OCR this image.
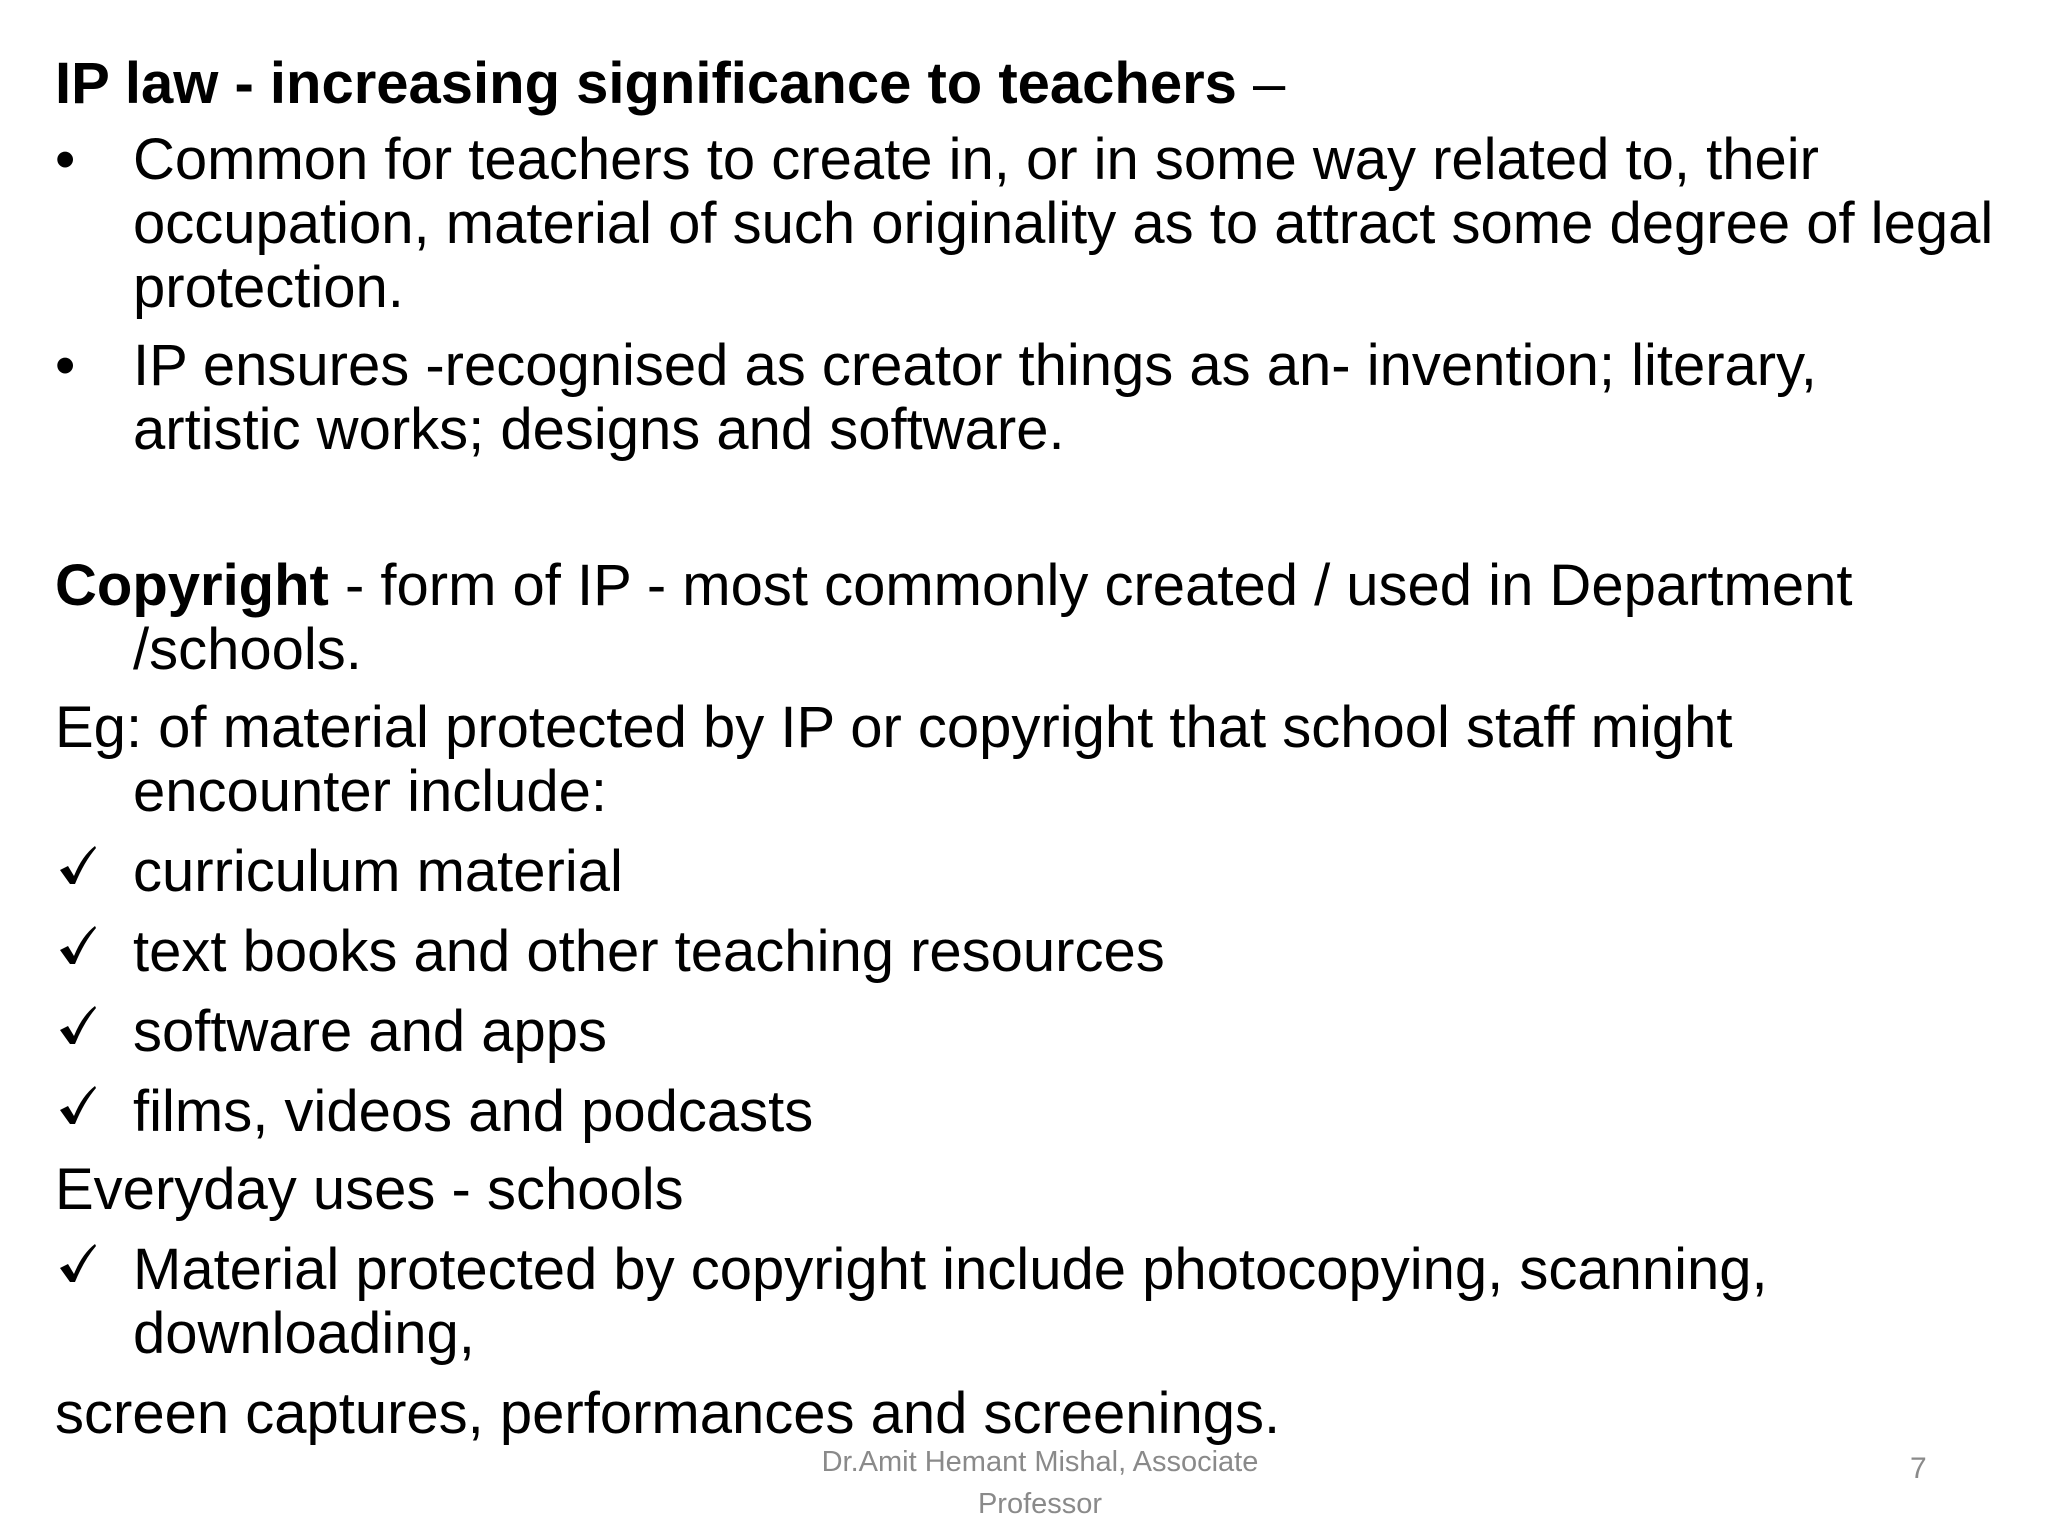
IP law - increasing significance to teachers –

• Common for teachers to create in, or in some way related to, their occupation, material of such originality as to attract some degree of legal protection.
• IP ensures -recognised as creator things as an- invention; literary, artistic works; designs and software.

Copyright - form of IP - most commonly created / used in Department /schools.

Eg: of material protected by IP or copyright that school staff might encounter include:

curriculum material
text books and other teaching resources
software and apps
films, videos and podcasts

Everyday uses - schools

Material protected by copyright include photocopying, scanning, downloading,

screen captures, performances and screenings.

Dr.Amit Hemant Mishal, Associate
Professor
7
